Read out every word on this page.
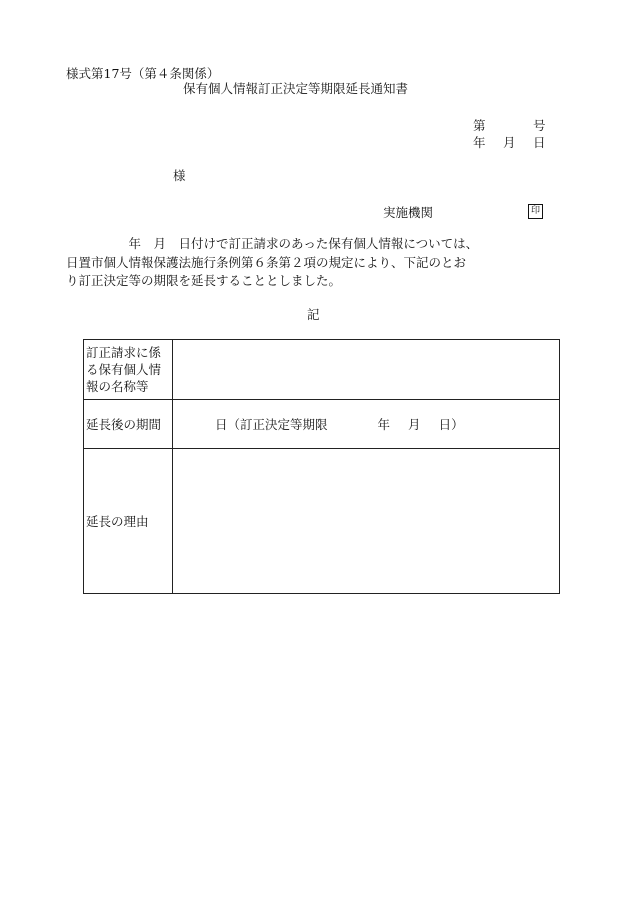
様式第17号（第４条関係）
保有個人情報訂正決定等期限延長通知書
第	号
年 月 日
様
実施機関	印
　　　　　年　月　日付けで訂正請求のあった保有個人情報については、
日置市個人情報保護法施行条例第６条第２項の規定により、下記のとお
り訂正決定等の期限を延長することとしました。
記
訂正請求に係る保有個人情報の名称等	
延長後の期間	日 （訂正決定等期限 年 月 日）

延長の理由	
